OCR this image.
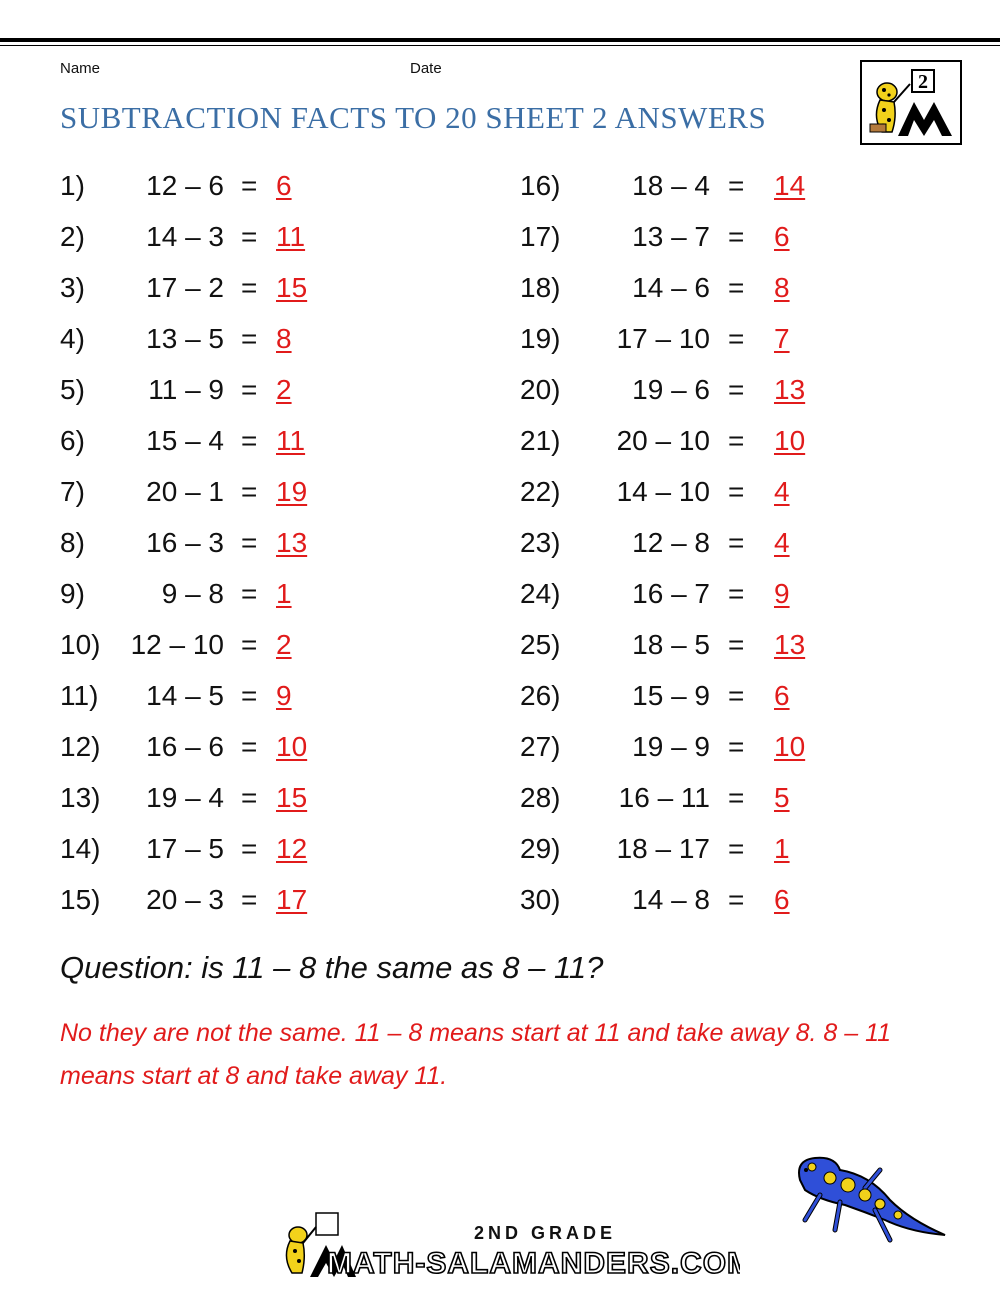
Name	Date
SUBTRACTION FACTS TO 20 SHEET 2 ANSWERS
2
1)	12 – 6 = 6
2)	14 – 3 = 11
3)	17 – 2 = 15
4)	13 – 5 = 8
5)	11 – 9 = 2
6)	15 – 4 = 11
7)	20 – 1 = 19
8)	16 – 3 = 13
9)	9 – 8 = 1
10)	12 – 10 = 2
11)	14 – 5 = 9
12)	16 – 6 = 10
13)	19 – 4 = 15
14)	17 – 5 = 12
15)	20 – 3 = 17
16)	18 – 4 = 14
17)	13 – 7 = 6
18)	14 – 6 = 8
19)	17 – 10 = 7
20)	19 – 6 = 13
21)	20 – 10 = 10
22)	14 – 10 = 4
23)	12 – 8 = 4
24)	16 – 7 = 9
25)	18 – 5 = 13
26)	15 – 9 = 6
27)	19 – 9 = 10
28)	16 – 11 = 5
29)	18 – 17 = 1
30)	14 – 8 = 6
Question: is 11 – 8 the same as 8 – 11?
No they are not the same. 11 – 8 means start at 11 and take away 8. 8 – 11 means start at 8 and take away 11.
2ND GRADE
MATH-SALAMANDERS.COM
